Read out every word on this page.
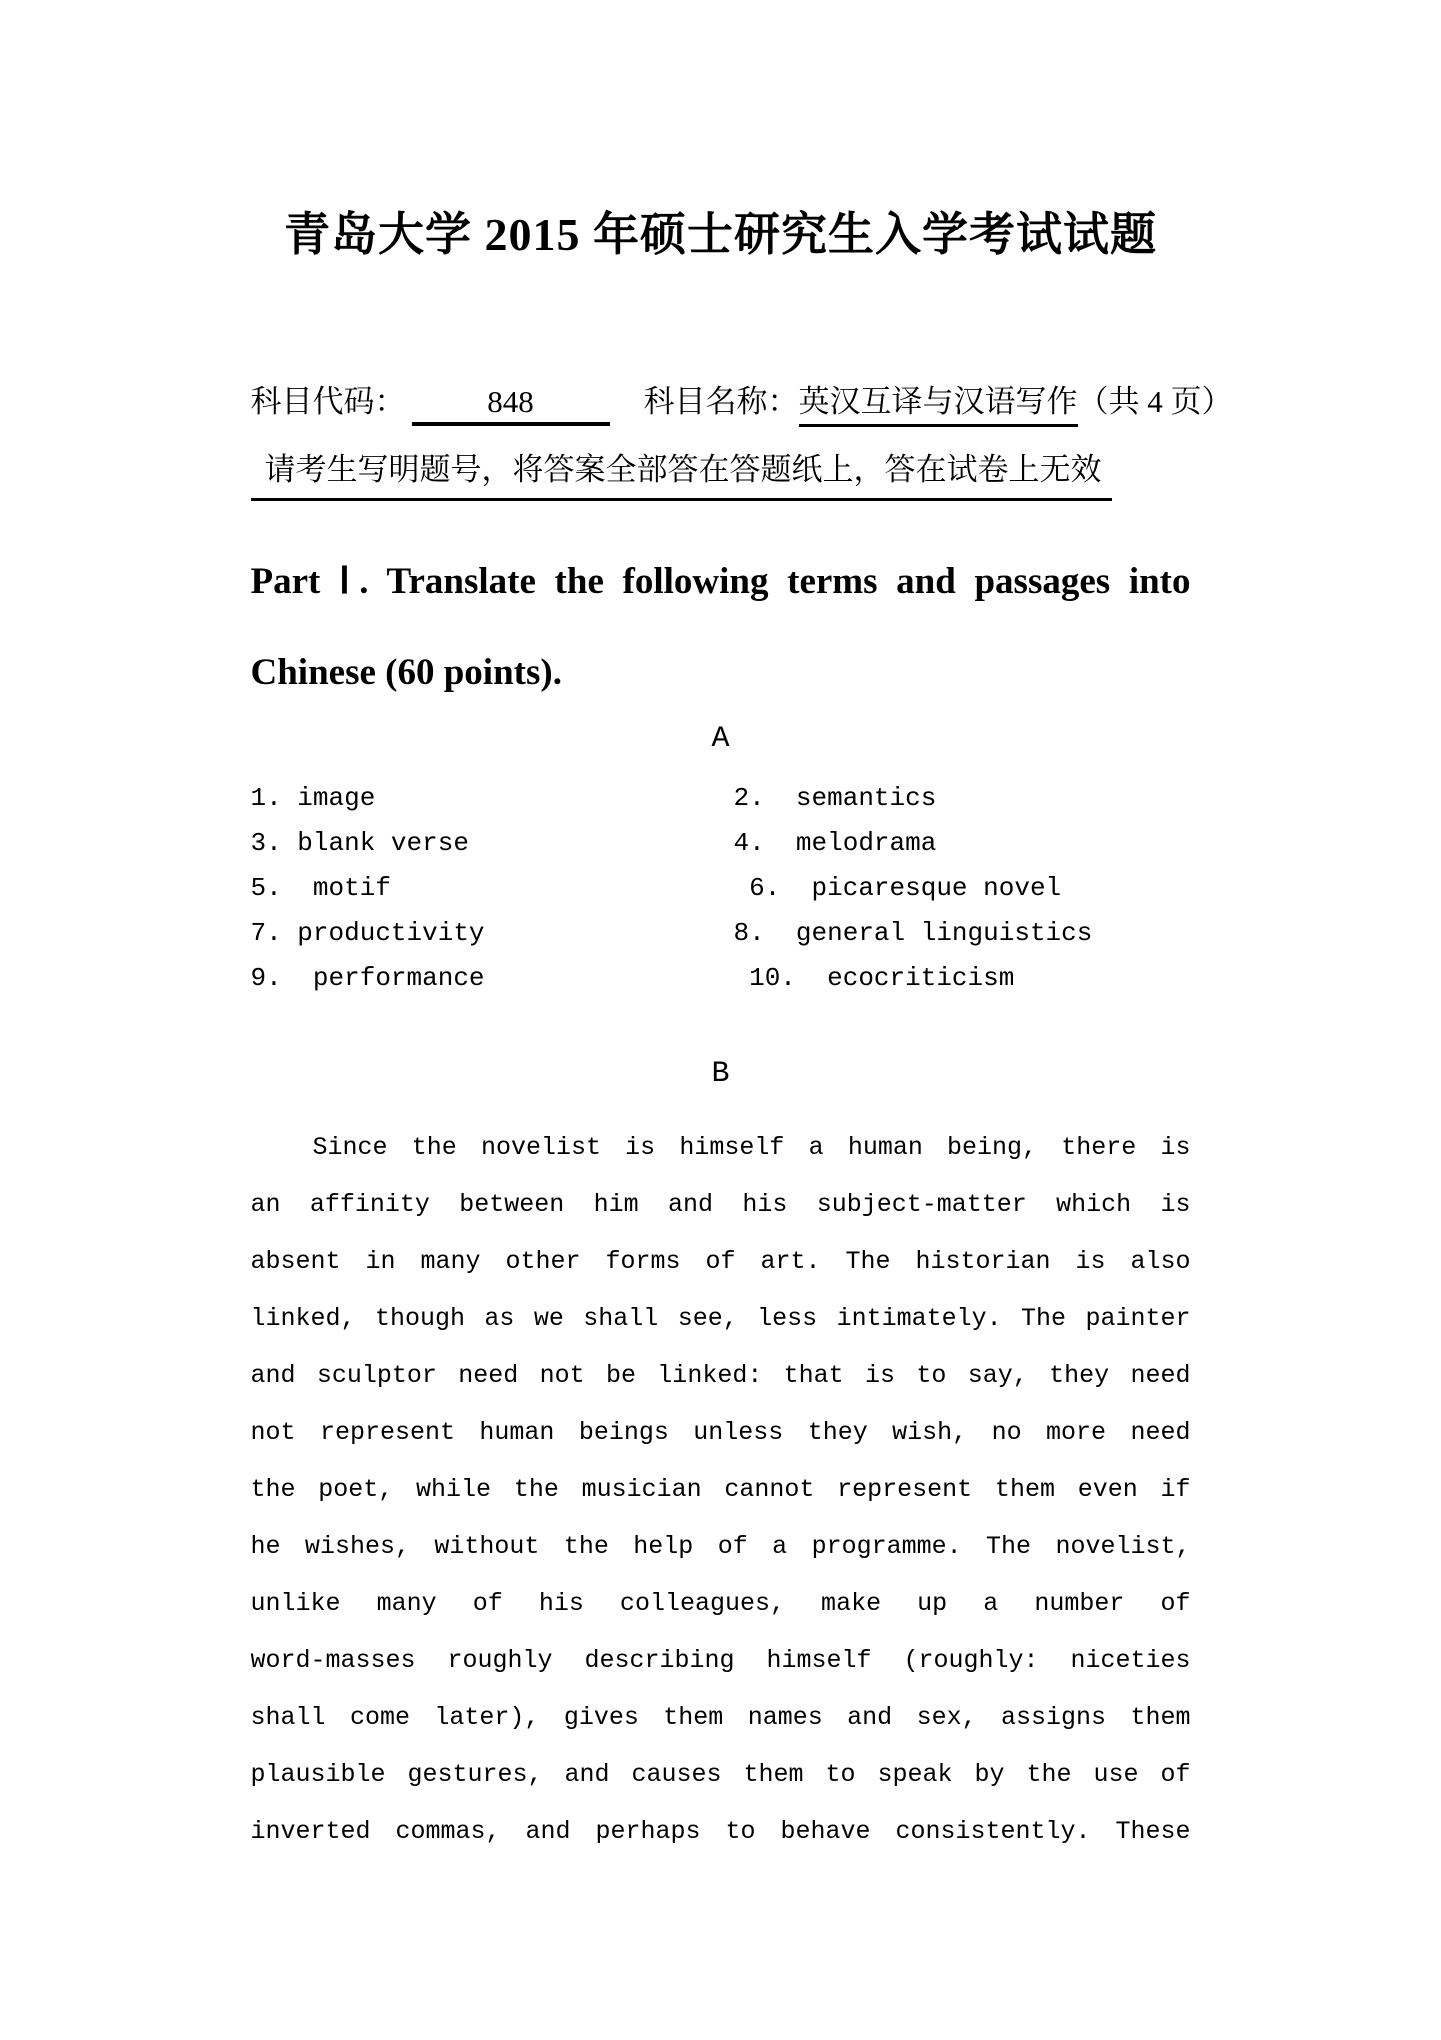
青岛大学 2015 年硕士研究生入学考试试题
科目代码：	848	科目名称：英汉互译与汉语写作（共 4 页）
请考生写明题号，将答案全部答在答题纸上，答在试卷上无效
Part Ⅰ. Translate the following terms and passages into
Chinese (60 points).
A
1. image	2.  semantics
3. blank verse	4.  melodrama
5.  motif	6.  picaresque novel
7. productivity	8.  general linguistics
9.  performance	10.  ecocriticism
B
Since the novelist is himself a human being, there is
an affinity between him and his subject-matter which is
absent in many other forms of art. The historian is also
linked, though as we shall see, less intimately. The painter
and sculptor need not be linked: that is to say, they need
not represent human beings unless they wish, no more need
the poet, while the musician cannot represent them even if
he wishes, without the help of a programme. The novelist,
unlike many of his colleagues, make up a number of
word-masses roughly describing himself (roughly: niceties
shall come later), gives them names and sex, assigns them
plausible gestures, and causes them to speak by the use of
inverted commas, and perhaps to behave consistently. These
